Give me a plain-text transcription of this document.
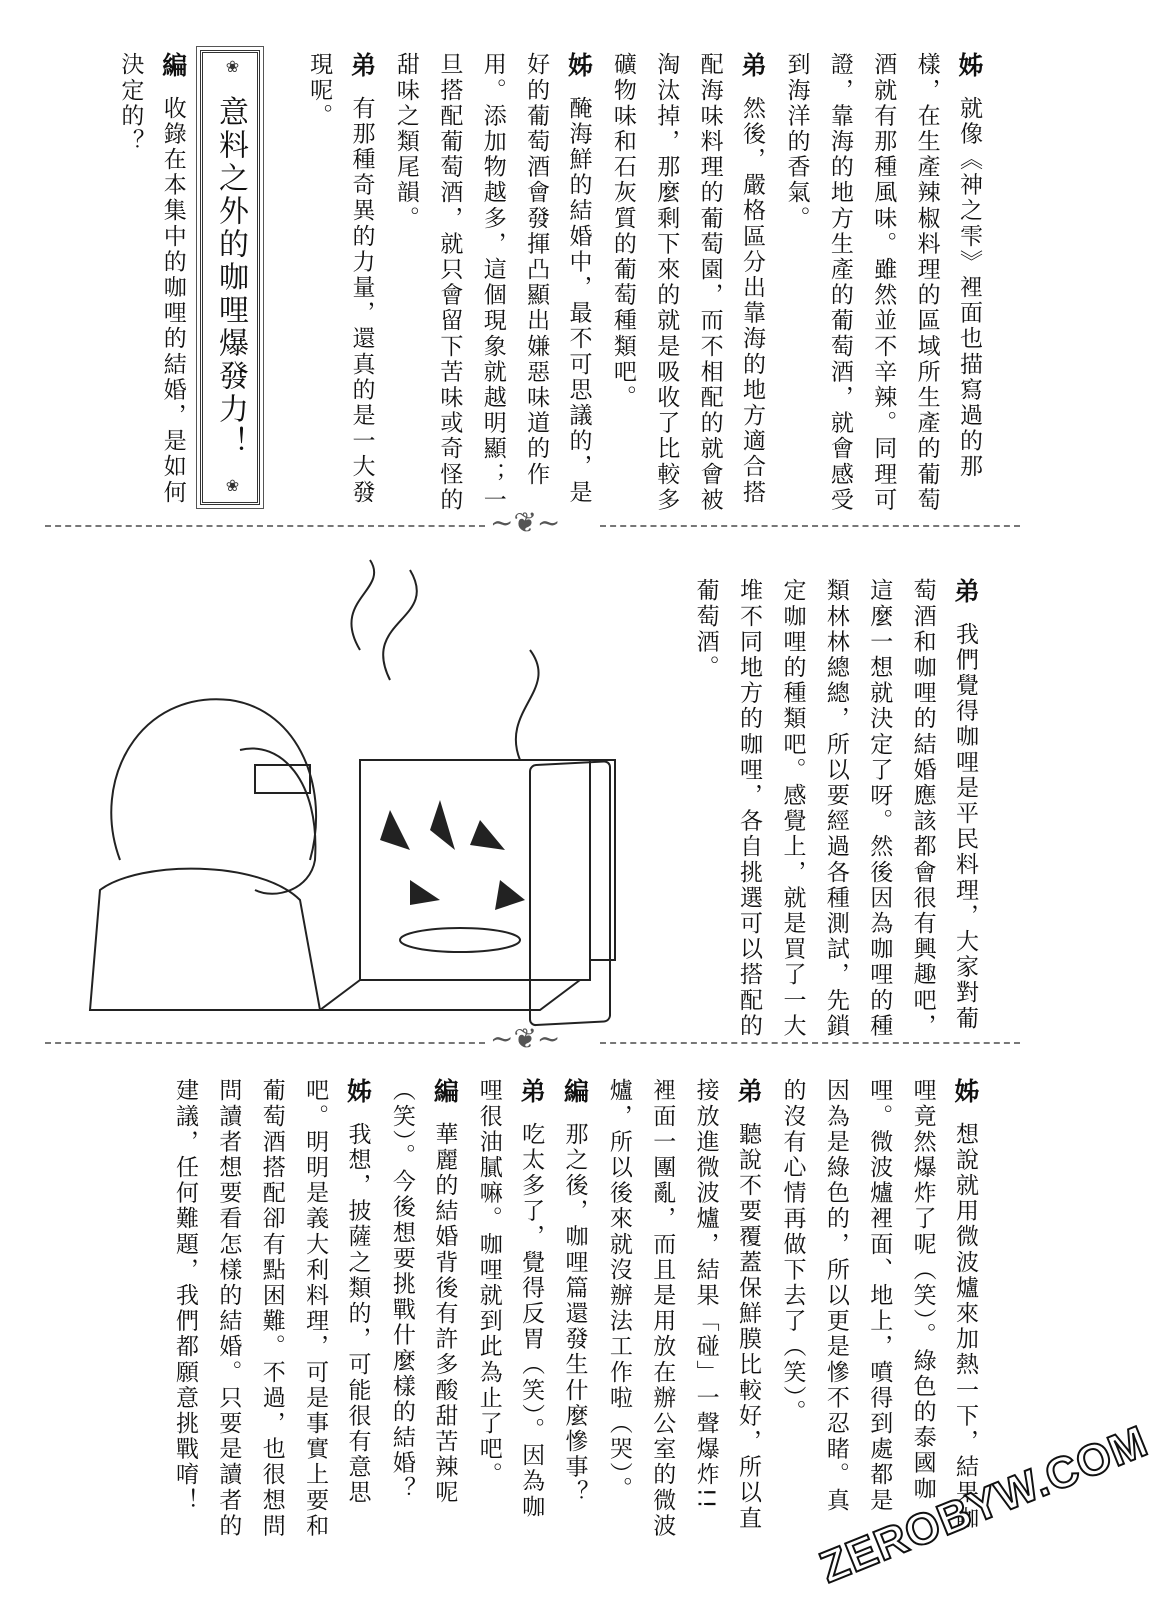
姊就像《神之雫》裡面也描寫過的那
樣，在生產辣椒料理的區域所生產的葡萄
酒就有那種風味。雖然並不辛辣。同理可
證，靠海的地方生產的葡萄酒，就會感受
到海洋的香氣。
弟然後，嚴格區分出靠海的地方適合搭
配海味料理的葡萄園，而不相配的就會被
淘汰掉，那麼剩下來的就是吸收了比較多
礦物味和石灰質的葡萄種類吧。
姊醃海鮮的結婚中，最不可思議的，是
好的葡萄酒會發揮凸顯出嫌惡味道的作
用。添加物越多，這個現象就越明顯；一
旦搭配葡萄酒，就只會留下苦味或奇怪的
甜味之類尾韻。
弟有那種奇異的力量，還真的是一大發
現呢。
❀
意料之外的咖哩爆發力！
❀
編收錄在本集中的咖哩的結婚，是如何
決定的？
~❦~
弟我們覺得咖哩是平民料理，大家對葡
萄酒和咖哩的結婚應該都會很有興趣吧，
這麼一想就決定了呀。然後因為咖哩的種
類林林總總，所以要經過各種測試，先鎖
定咖哩的種類吧。感覺上，就是買了一大
堆不同地方的咖哩，各自挑選可以搭配的
葡萄酒。
~❦~
姊想說就用微波爐來加熱一下，結果咖
哩竟然爆炸了呢（笑）。綠色的泰國咖
哩。微波爐裡面、地上，噴得到處都是
因為是綠色的，所以更是慘不忍睹。真
的沒有心情再做下去了（笑）。
弟聽說不要覆蓋保鮮膜比較好，所以直
接放進微波爐，結果「碰」一聲爆炸!!
裡面一團亂，而且是用放在辦公室的微波
爐，所以後來就沒辦法工作啦（哭）。
編那之後，咖哩篇還發生什麼慘事？
弟吃太多了，覺得反胃（笑）。因為咖
哩很油膩嘛。咖哩就到此為止了吧。
編華麗的結婚背後有許多酸甜苦辣呢
（笑）。今後想要挑戰什麼樣的結婚？
姊我想，披薩之類的，可能很有意思
吧。明明是義大利料理，可是事實上要和
葡萄酒搭配卻有點困難。不過，也很想問
問讀者想要看怎樣的結婚。只要是讀者的
建議，任何難題，我們都願意挑戰唷！	ZEROBYW.COM
